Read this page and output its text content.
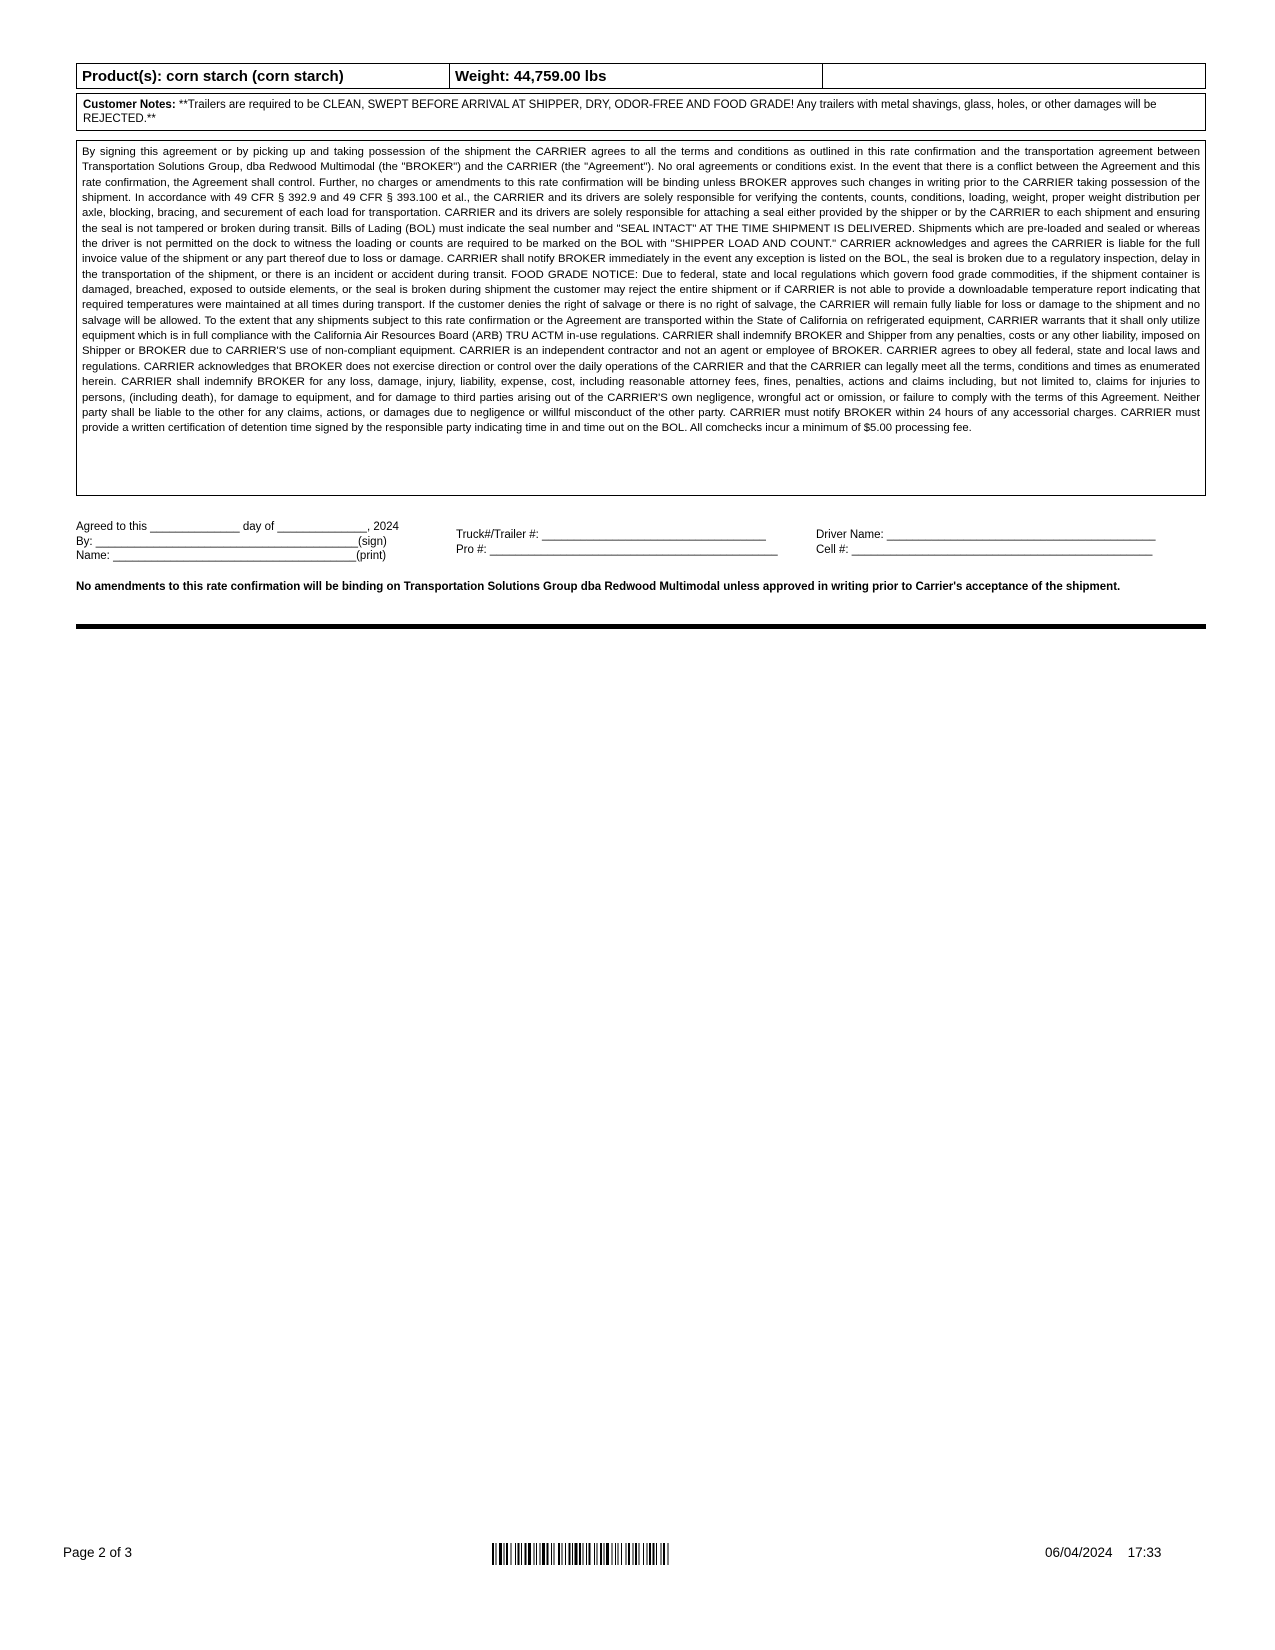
Product(s): corn starch (corn starch)	Weight: 44,759.00 lbs	
Customer Notes: **Trailers are required to be CLEAN, SWEPT BEFORE ARRIVAL AT SHIPPER, DRY, ODOR-FREE AND FOOD GRADE! Any trailers with metal shavings, glass, holes, or other damages will be REJECTED.**
By signing this agreement or by picking up and taking possession of the shipment the CARRIER agrees to all the terms and conditions as outlined in this rate confirmation and the transportation agreement between Transportation Solutions Group, dba Redwood Multimodal (the "BROKER") and the CARRIER (the "Agreement"). No oral agreements or conditions exist. In the event that there is a conflict between the Agreement and this rate confirmation, the Agreement shall control. Further, no charges or amendments to this rate confirmation will be binding unless BROKER approves such changes in writing prior to the CARRIER taking possession of the shipment. In accordance with 49 CFR § 392.9 and 49 CFR § 393.100 et al., the CARRIER and its drivers are solely responsible for verifying the contents, counts, conditions, loading, weight, proper weight distribution per axle, blocking, bracing, and securement of each load for transportation. CARRIER and its drivers are solely responsible for attaching a seal either provided by the shipper or by the CARRIER to each shipment and ensuring the seal is not tampered or broken during transit. Bills of Lading (BOL) must indicate the seal number and "SEAL INTACT" AT THE TIME SHIPMENT IS DELIVERED. Shipments which are pre-loaded and sealed or whereas the driver is not permitted on the dock to witness the loading or counts are required to be marked on the BOL with "SHIPPER LOAD AND COUNT." CARRIER acknowledges and agrees the CARRIER is liable for the full invoice value of the shipment or any part thereof due to loss or damage. CARRIER shall notify BROKER immediately in the event any exception is listed on the BOL, the seal is broken due to a regulatory inspection, delay in the transportation of the shipment, or there is an incident or accident during transit. FOOD GRADE NOTICE: Due to federal, state and local regulations which govern food grade commodities, if the shipment container is damaged, breached, exposed to outside elements, or the seal is broken during shipment the customer may reject the entire shipment or if CARRIER is not able to provide a downloadable temperature report indicating that required temperatures were maintained at all times during transport. If the customer denies the right of salvage or there is no right of salvage, the CARRIER will remain fully liable for loss or damage to the shipment and no salvage will be allowed. To the extent that any shipments subject to this rate confirmation or the Agreement are transported within the State of California on refrigerated equipment, CARRIER warrants that it shall only utilize equipment which is in full compliance with the California Air Resources Board (ARB) TRU ACTM in-use regulations. CARRIER shall indemnify BROKER and Shipper from any penalties, costs or any other liability, imposed on Shipper or BROKER due to CARRIER'S use of non-compliant equipment. CARRIER is an independent contractor and not an agent or employee of BROKER. CARRIER agrees to obey all federal, state and local laws and regulations. CARRIER acknowledges that BROKER does not exercise direction or control over the daily operations of the CARRIER and that the CARRIER can legally meet all the terms, conditions and times as enumerated herein. CARRIER shall indemnify BROKER for any loss, damage, injury, liability, expense, cost, including reasonable attorney fees, fines, penalties, actions and claims including, but not limited to, claims for injuries to persons, (including death), for damage to equipment, and for damage to third parties arising out of the CARRIER'S own negligence, wrongful act or omission, or failure to comply with the terms of this Agreement. Neither party shall be liable to the other for any claims, actions, or damages due to negligence or willful misconduct of the other party. CARRIER must notify BROKER within 24 hours of any accessorial charges. CARRIER must provide a written certification of detention time signed by the responsible party indicating time in and time out on the BOL. All comchecks incur a minimum of $5.00 processing fee.
Agreed to this ______________ day of ______________, 2024
By: _________________________________________(sign)
Name: ______________________________________(print)
Truck#/Trailer #: ___________________________________
Pro #: _____________________________________________
Driver Name: __________________________________________
Cell #: _______________________________________________
No amendments to this rate confirmation will be binding on Transportation Solutions Group dba Redwood Multimodal unless approved in writing prior to Carrier's acceptance of the shipment.
Page 2 of 3	06/04/2024 17:33
